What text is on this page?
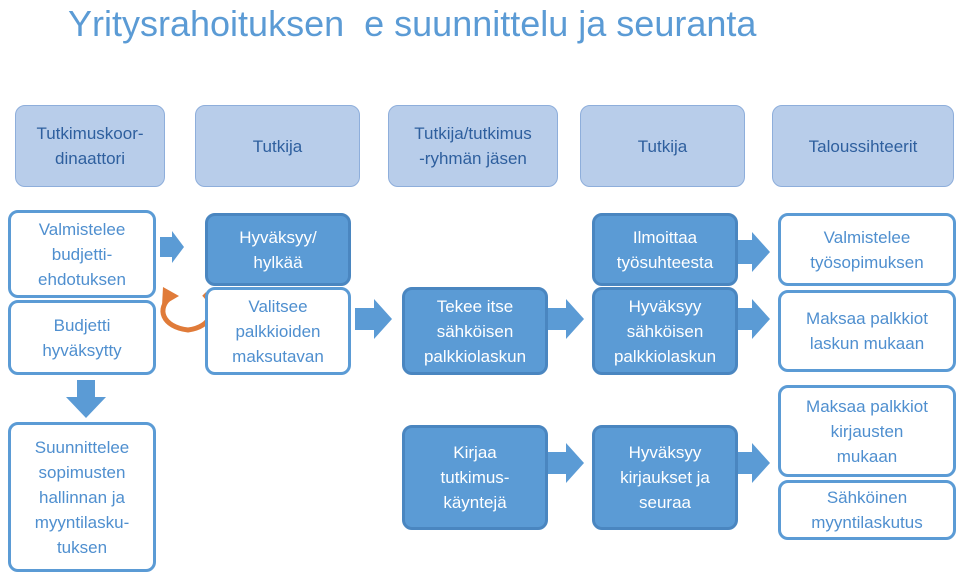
Yritysrahoituksen  e suunnittelu ja seuranta
Tutkimuskoor-
dinaattori
Tutkija
Tutkija/tutkimus
-ryhmän jäsen
Tutkija	Taloussihteerit
Valmistelee
budjetti-
ehdotuksen
Budjetti
hyväksytty
Suunnittelee
sopimusten
hallinnan ja
myyntilasku-
tuksen
Hyväksyy/
hylkää
Valitsee
palkkioiden
maksutavan
Tekee itse
sähköisen
palkkiolaskun
Kirjaa
tutkimus-
käyntejä
Ilmoittaa
työsuhteesta
Hyväksyy
sähköisen
palkkiolaskun
Hyväksyy
kirjaukset ja
seuraa
Valmistelee
työsopimuksen
Maksaa palkkiot
laskun mukaan
Maksaa palkkiot
kirjausten
mukaan
Sähköinen
myyntilaskutus
